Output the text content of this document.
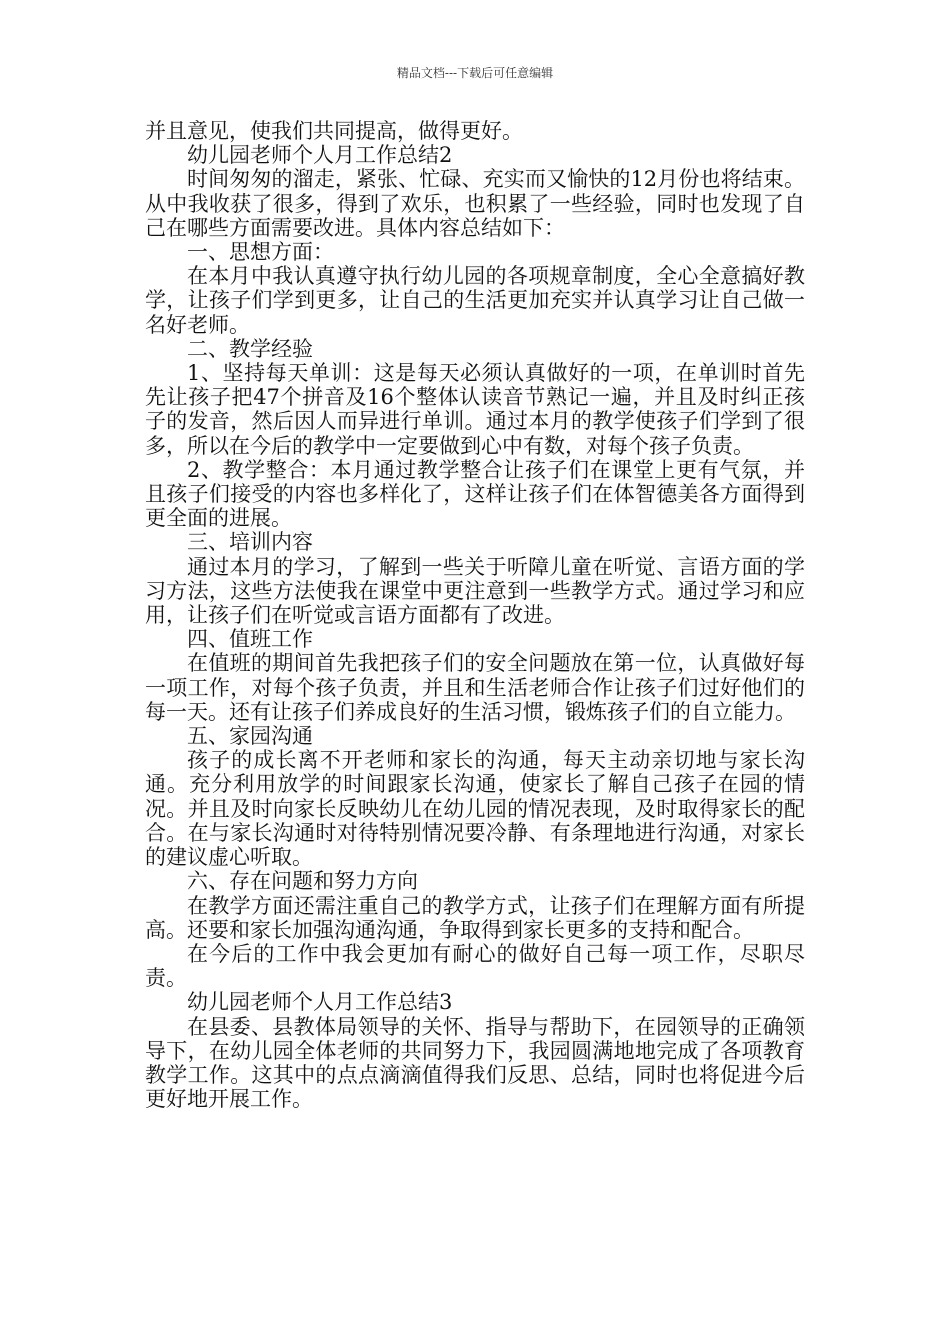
精品文档---下载后可任意编辑

并且意见，使我们共同提高，做得更好。

幼儿园老师个人月工作总结2

时间匆匆的溜走，紧张、忙碌、充实而又愉快的12月份也将结束。从中我收获了很多，得到了欢乐，也积累了一些经验，同时也发现了自己在哪些方面需要改进。具体内容总结如下：

一、思想方面：

在本月中我认真遵守执行幼儿园的各项规章制度，全心全意搞好教学，让孩子们学到更多，让自己的生活更加充实并认真学习让自己做一名好老师。

二、教学经验

1、坚持每天单训：这是每天必须认真做好的一项，在单训时首先先让孩子把47个拼音及16个整体认读音节熟记一遍，并且及时纠正孩子的发音，然后因人而异进行单训。通过本月的教学使孩子们学到了很多，所以在今后的教学中一定要做到心中有数，对每个孩子负责。

2、教学整合：本月通过教学整合让孩子们在课堂上更有气氛，并且孩子们接受的内容也多样化了，这样让孩子们在体智德美各方面得到更全面的进展。

三、培训内容

通过本月的学习，了解到一些关于听障儿童在听觉、言语方面的学习方法，这些方法使我在课堂中更注意到一些教学方式。通过学习和应用，让孩子们在听觉或言语方面都有了改进。

四、值班工作

在值班的期间首先我把孩子们的安全问题放在第一位，认真做好每一项工作，对每个孩子负责，并且和生活老师合作让孩子们过好他们的每一天。还有让孩子们养成良好的生活习惯，锻炼孩子们的自立能力。

五、家园沟通

孩子的成长离不开老师和家长的沟通，每天主动亲切地与家长沟通。充分利用放学的时间跟家长沟通，使家长了解自己孩子在园的情况。并且及时向家长反映幼儿在幼儿园的情况表现，及时取得家长的配合。在与家长沟通时对待特别情况要冷静、有条理地进行沟通，对家长的建议虚心听取。

六、存在问题和努力方向

在教学方面还需注重自己的教学方式，让孩子们在理解方面有所提高。还要和家长加强沟通沟通，争取得到家长更多的支持和配合。

在今后的工作中我会更加有耐心的做好自己每一项工作，尽职尽责。

幼儿园老师个人月工作总结3

在县委、县教体局领导的关怀、指导与帮助下，在园领导的正确领导下，在幼儿园全体老师的共同努力下，我园圆满地地完成了各项教育教学工作。这其中的点点滴滴值得我们反思、总结，同时也将促进今后更好地开展工作。
